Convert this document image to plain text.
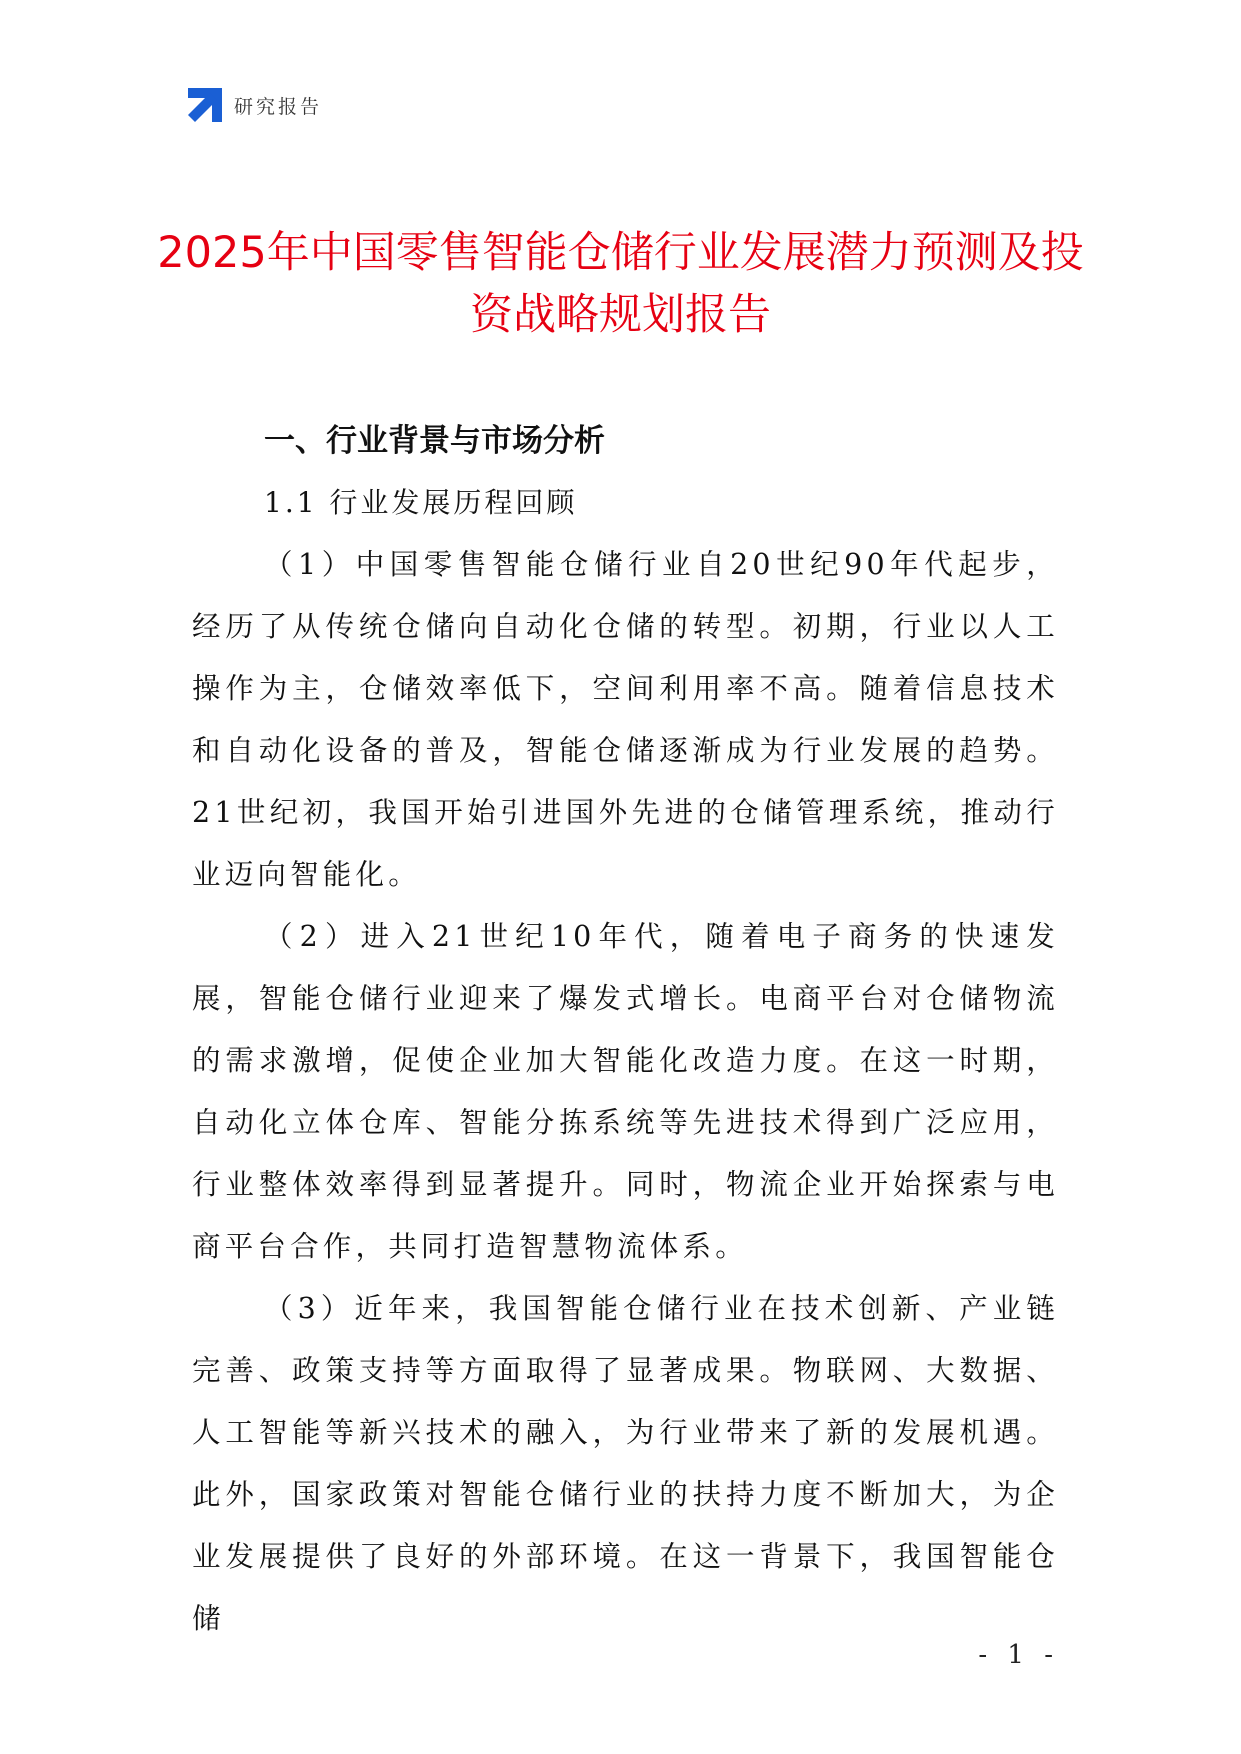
研究报告
2025年中国零售智能仓储行业发展潜力预测及投资战略规划报告
一、行业背景与市场分析
1.1 行业发展历程回顾

（1）中国零售智能仓储行业自20世纪90年代起步，经历了从传统仓储向自动化仓储的转型。初期，行业以人工操作为主，仓储效率低下，空间利用率不高。随着信息技术和自动化设备的普及，智能仓储逐渐成为行业发展的趋势。21世纪初，我国开始引进国外先进的仓储管理系统，推动行业迈向智能化。

（2）进入21世纪10年代，随着电子商务的快速发展，智能仓储行业迎来了爆发式增长。电商平台对仓储物流的需求激增，促使企业加大智能化改造力度。在这一时期，自动化立体仓库、智能分拣系统等先进技术得到广泛应用，行业整体效率得到显著提升。同时，物流企业开始探索与电商平台合作，共同打造智慧物流体系。

（3）近年来，我国智能仓储行业在技术创新、产业链完善、政策支持等方面取得了显著成果。物联网、大数据、人工智能等新兴技术的融入，为行业带来了新的发展机遇。此外，国家政策对智能仓储行业的扶持力度不断加大，为企业发展提供了良好的外部环境。在这一背景下，我国智能仓储

- 1 -
